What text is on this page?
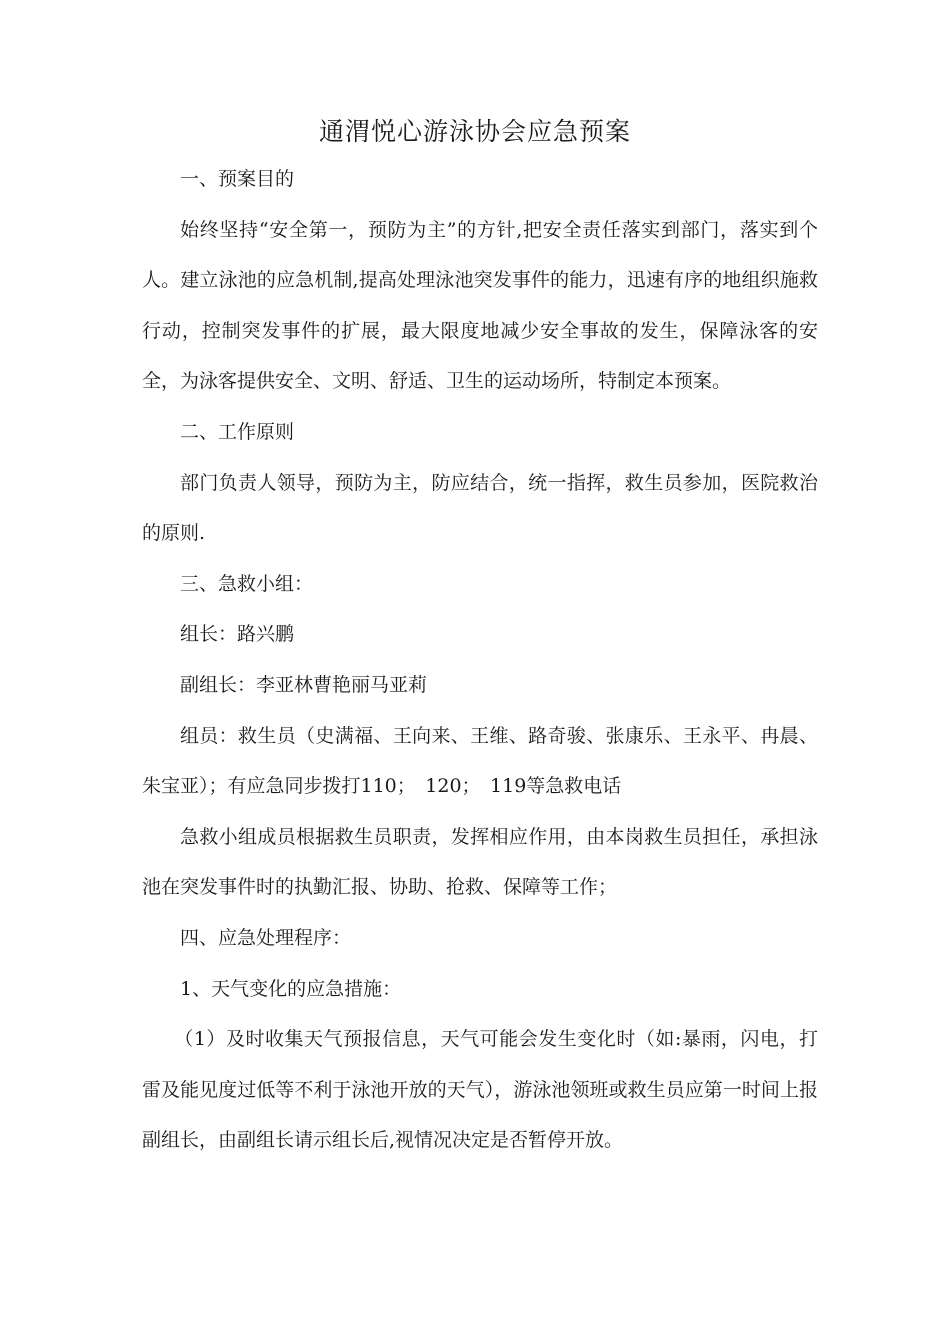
通渭悦心游泳协会应急预案

一、预案目的

始终坚持“安全第一，预防为主”的方针,把安全责任落实到部门，落实到个人。建立泳池的应急机制,提高处理泳池突发事件的能力，迅速有序的地组织施救行动，控制突发事件的扩展，最大限度地减少安全事故的发生，保障泳客的安全，为泳客提供安全、文明、舒适、卫生的运动场所，特制定本预案。

二、工作原则

部门负责人领导，预防为主，防应结合，统一指挥，救生员参加，医院救治的原则.

三、急救小组：

组长：路兴鹏

副组长：李亚林曹艳丽马亚莉

组员：救生员（史满福、王向来、王维、路奇骏、张康乐、王永平、冉晨、朱宝亚）；有应急同步拨打110；　120；　119等急救电话

急救小组成员根据救生员职责，发挥相应作用，由本岗救生员担任，承担泳池在突发事件时的执勤汇报、协助、抢救、保障等工作；

四、应急处理程序：

1、天气变化的应急措施：

（1）及时收集天气预报信息，天气可能会发生变化时（如:暴雨，闪电，打雷及能见度过低等不利于泳池开放的天气），游泳池领班或救生员应第一时间上报副组长，由副组长请示组长后,视情况决定是否暂停开放。
